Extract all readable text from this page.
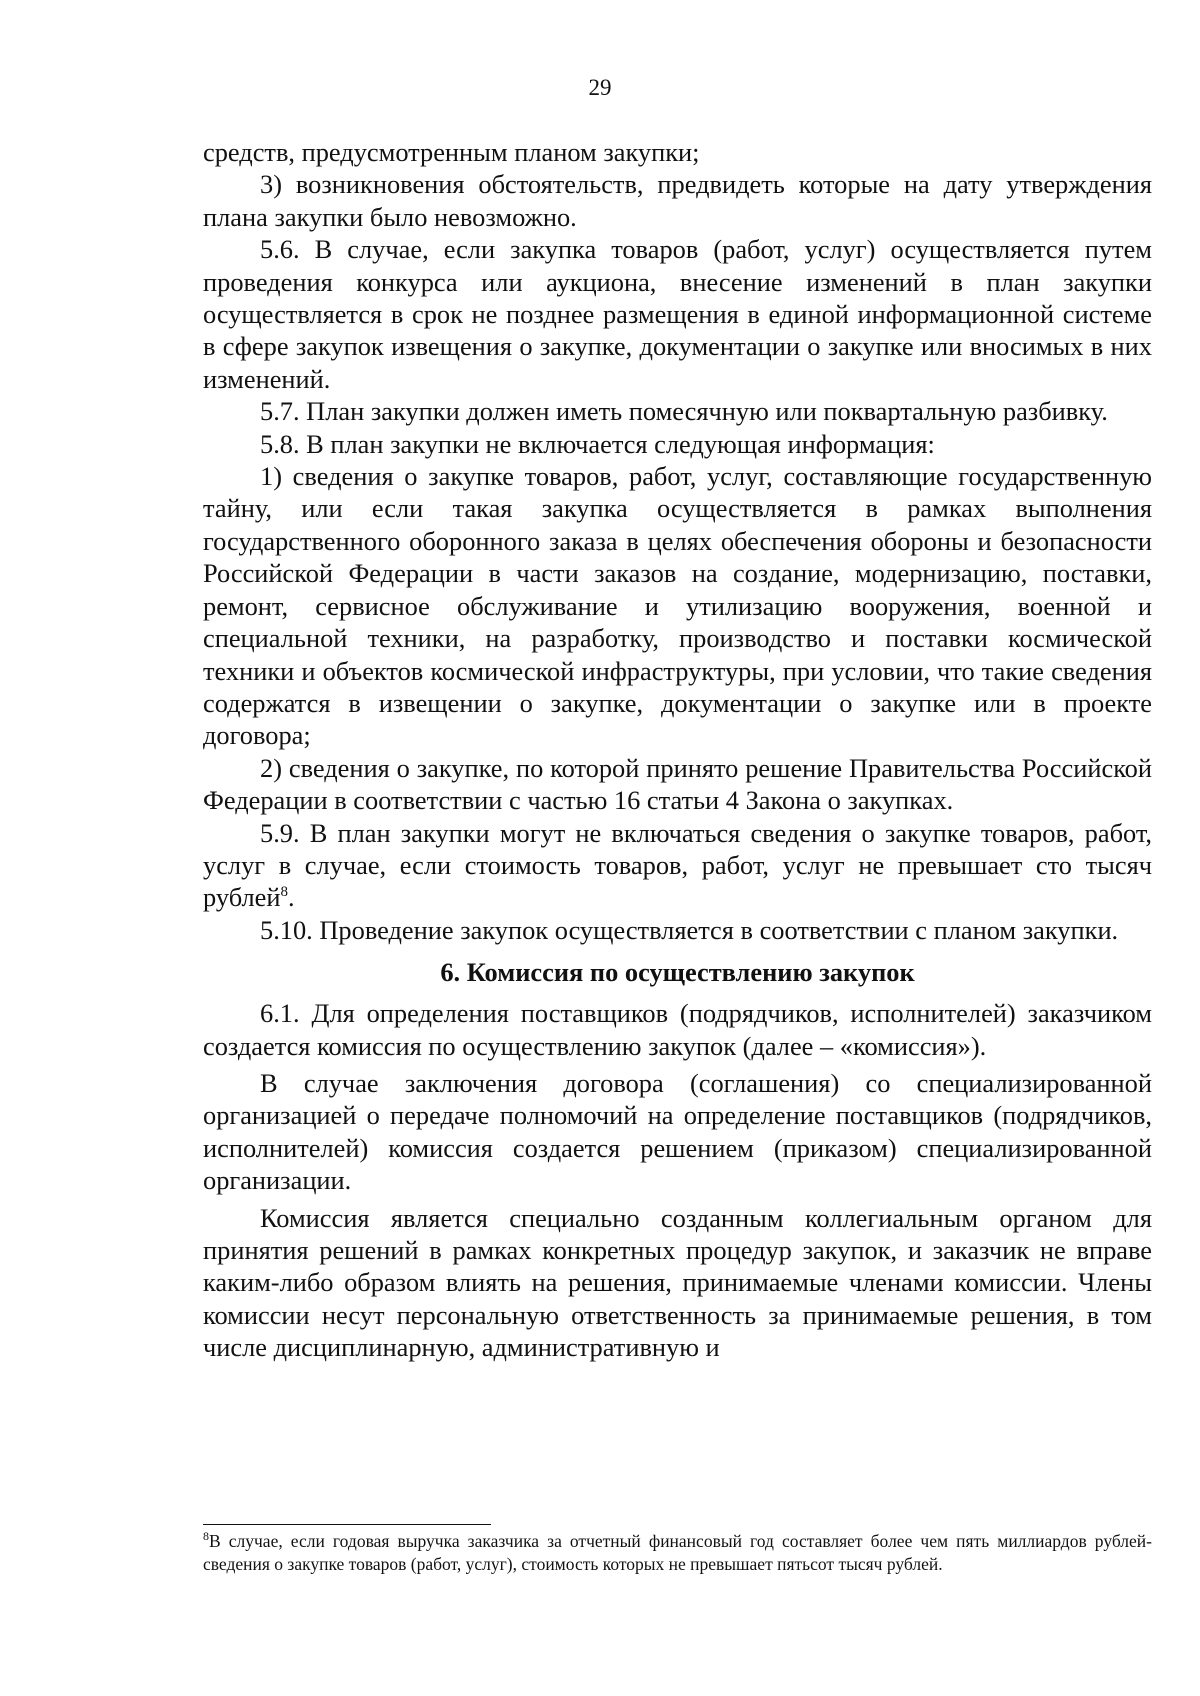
29

средств, предусмотренным планом закупки;

3) возникновения обстоятельств, предвидеть которые на дату утверждения плана закупки было невозможно.

5.6. В случае, если закупка товаров (работ, услуг) осуществляется путем проведения конкурса или аукциона, внесение изменений в план закупки осуществляется в срок не позднее размещения в единой информационной системе в сфере закупок извещения о закупке, документации о закупке или вносимых в них изменений.

5.7. План закупки должен иметь помесячную или поквартальную разбивку.

5.8. В план закупки не включается следующая информация:

1) сведения о закупке товаров, работ, услуг, составляющие государственную тайну, или если такая закупка осуществляется в рамках выполнения государственного оборонного заказа в целях обеспечения обороны и безопасности Российской Федерации в части заказов на создание, модернизацию, поставки, ремонт, сервисное обслуживание и утилизацию вооружения, военной и специальной техники, на разработку, производство и поставки космической техники и объектов космической инфраструктуры, при условии, что такие сведения содержатся в извещении о закупке, документации о закупке или в проекте договора;

2) сведения о закупке, по которой принято решение Правительства Российской Федерации в соответствии с частью 16 статьи 4 Закона о закупках.

5.9. В план закупки могут не включаться сведения о закупке товаров, работ, услуг в случае, если стоимость товаров, работ, услуг не превышает сто тысяч рублей$^8$.

5.10. Проведение закупок осуществляется в соответствии с планом закупки.

6. Комиссия по осуществлению закупок

6.1. Для определения поставщиков (подрядчиков, исполнителей) заказчиком создается комиссия по осуществлению закупок (далее – «комиссия»).

В случае заключения договора (соглашения) со специализированной организацией о передаче полномочий на определение поставщиков (подрядчиков, исполнителей) комиссия создается решением (приказом) специализированной организации.

Комиссия является специально созданным коллегиальным органом для принятия решений в рамках конкретных процедур закупок, и заказчик не вправе каким-либо образом влиять на решения, принимаемые членами комиссии. Члены комиссии несут персональную ответственность за принимаемые решения, в том числе дисциплинарную, административную и

$^8$В случае, если годовая выручка заказчика за отчетный финансовый год составляет более чем пять миллиардов рублей- сведения о закупке товаров (работ, услуг), стоимость которых не превышает пятьсот тысяч рублей.
